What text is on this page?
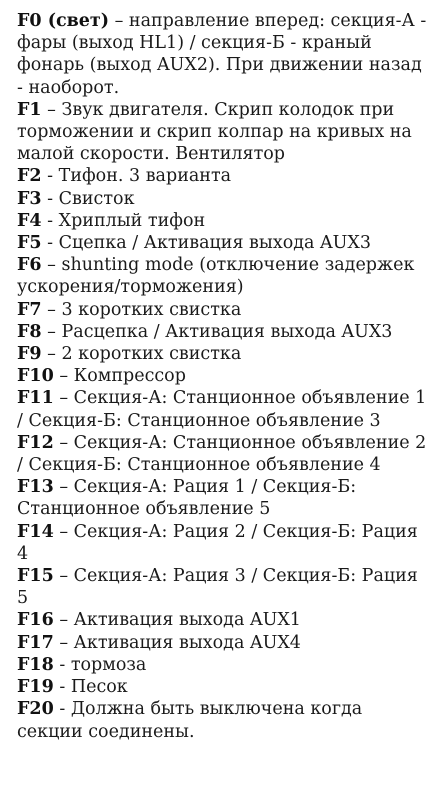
F0 (свет) – направление вперед: секция-А - фары (выход HL1) / секция-Б - краный фонарь (выход AUX2). При движении назад - наоборот.

F1 – Звук двигателя. Скрип колодок при торможении и скрип колпар на кривых на малой скорости. Вентилятор

F2 - Тифон. 3 варианта

F3 - Свисток

F4 - Хриплый тифон

F5 - Сцепка / Активация выхода AUX3

F6 – shunting mode (отключение задержек ускорения/торможения)

F7 – 3 коротких свистка

F8 – Расцепка / Активация выхода AUX3

F9 – 2 коротких свистка

F10 – Компрессор

F11 – Секция-А: Станционное объявление 1 / Секция-Б: Станционное объявление 3

F12 – Секция-А: Станционное объявление 2 / Секция-Б: Станционное объявление 4

F13 – Секция-А: Рация 1 / Секция-Б: Станционное объявление 5

F14 – Секция-А: Рация 2 / Секция-Б: Рация 4

F15 – Секция-А: Рация 3 / Секция-Б: Рация 5

F16 – Активация выхода AUX1

F17 – Активация выхода AUX4

F18 - тормоза

F19 - Песок

F20 - Должна быть выключена когда секции соединены.
